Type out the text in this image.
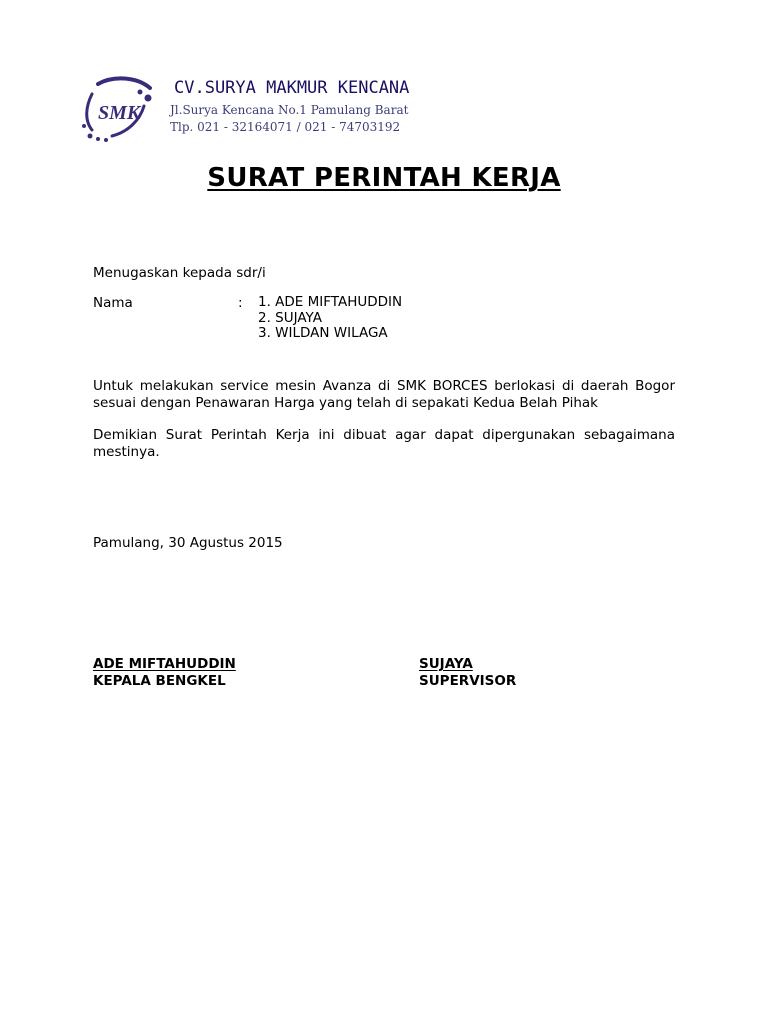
SMK
CV.SURYA MAKMUR KENCANA
Jl.Surya Kencana No.1 Pamulang Barat
Tlp. 021 - 32164071 / 021 - 74703192
SURAT PERINTAH KERJA
Menugaskan kepada sdr/i
Nama	: 1. ADE MIFTAHUDDIN
2. SUJAYA
3. WILDAN WILAGA
Untuk melakukan service mesin Avanza di SMK BORCES berlokasi di daerah Bogor sesuai dengan Penawaran Harga yang telah di sepakati Kedua Belah Pihak
Demikian Surat Perintah Kerja ini dibuat agar dapat dipergunakan sebagaimana mestinya.
Pamulang, 30 Agustus 2015
ADE MIFTAHUDDIN
KEPALA BENGKEL
SUJAYA
SUPERVISOR
